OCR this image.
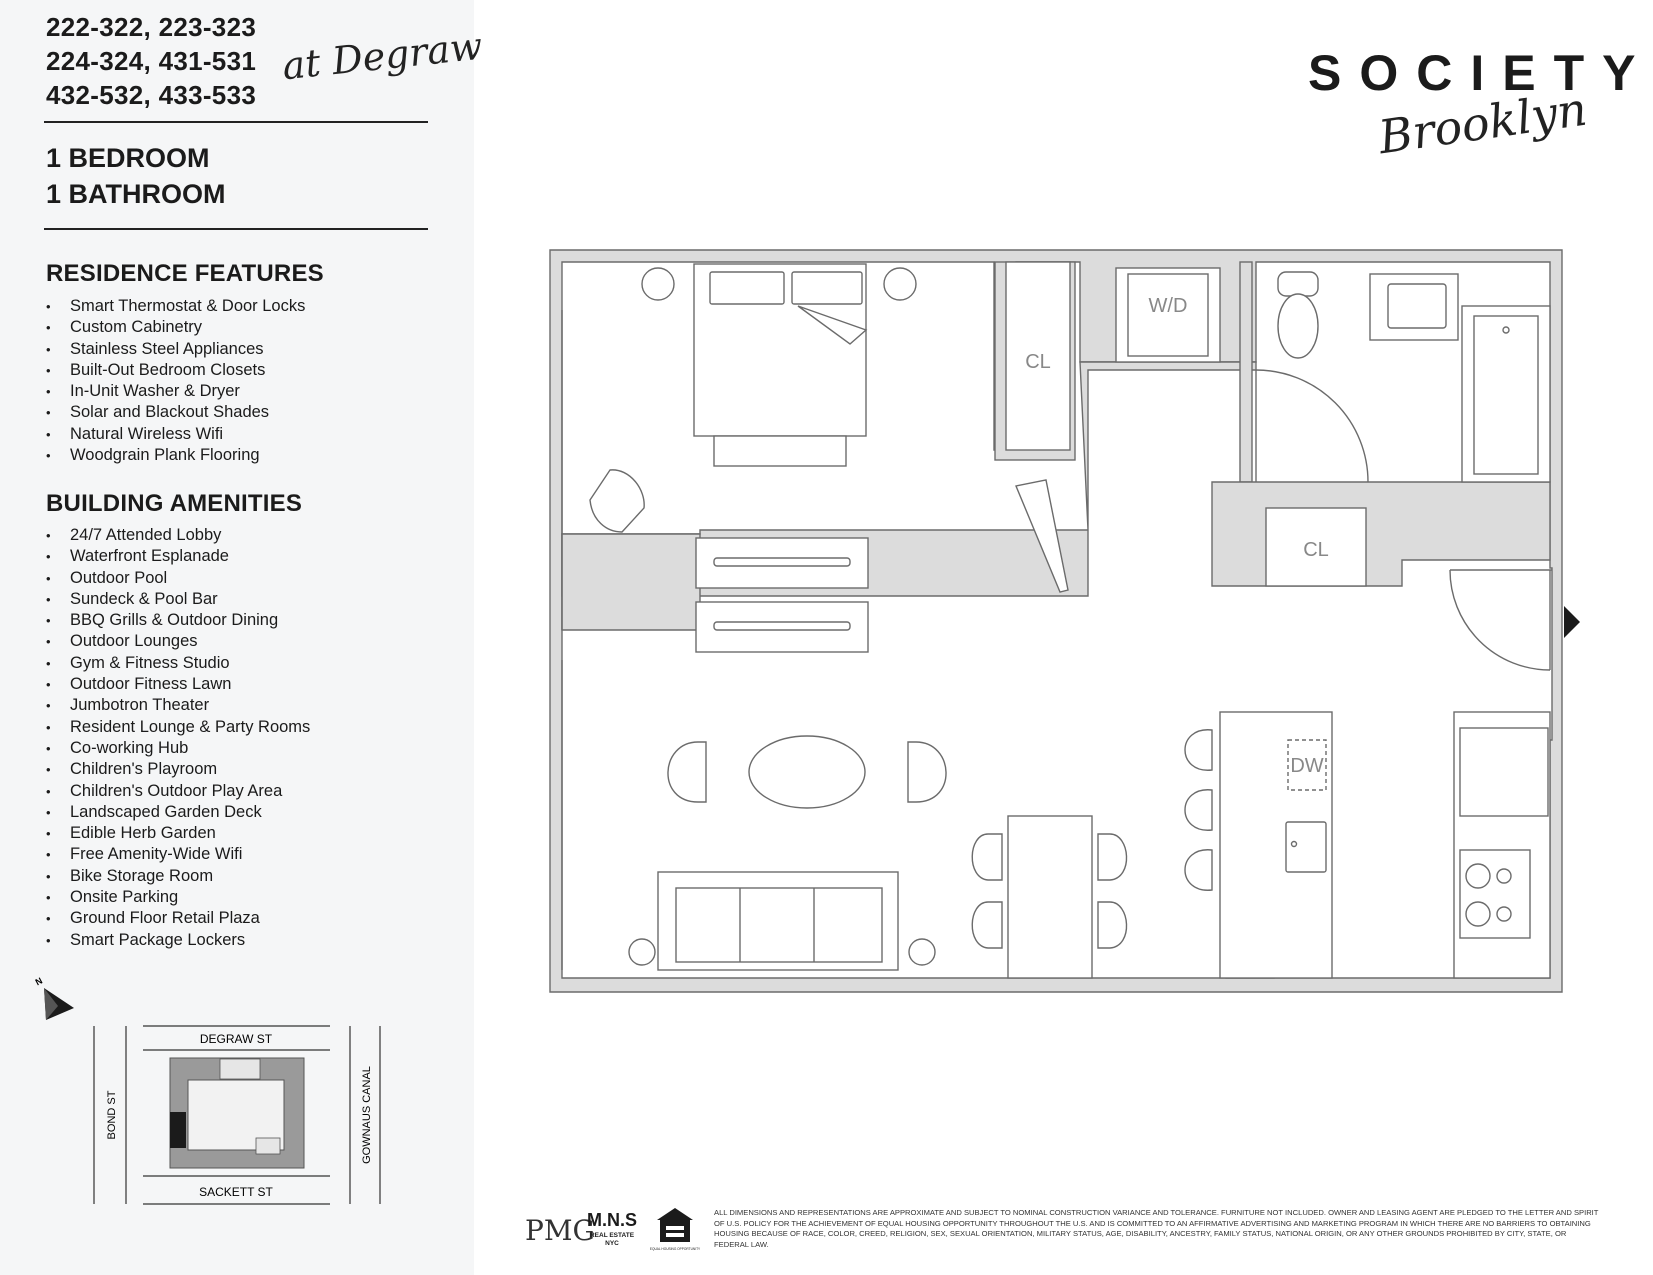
222-322, 223-323
224-324, 431-531
432-532, 433-533
at Degraw
1 BEDROOM
1 BATHROOM
RESIDENCE FEATURES
• Smart Thermostat & Door Locks
• Custom Cabinetry
• Stainless Steel Appliances
• Built-Out Bedroom Closets
• In-Unit Washer & Dryer
• Solar and Blackout Shades
• Natural Wireless Wifi
• Woodgrain Plank Flooring
BUILDING AMENITIES
• 24/7 Attended Lobby
• Waterfront Esplanade
• Outdoor Pool
• Sundeck & Pool Bar
• BBQ Grills & Outdoor Dining
• Outdoor Lounges
• Gym & Fitness Studio
• Outdoor Fitness Lawn
• Jumbotron Theater
• Resident Lounge & Party Rooms
• Co-working Hub
• Children's Playroom
• Children's Outdoor Play Area
• Landscaped Garden Deck
• Edible Herb Garden
• Free Amenity-Wide Wifi
• Bike Storage Room
• Onsite Parking
• Ground Floor Retail Plaza
• Smart Package Lockers
N
DEGRAW ST
SACKETT ST
BOND ST	GOWNAUS CANAL
SOCIETY
Brooklyn
CL
CL
W/D
DW
PMG
M.N.S
REAL ESTATE
NYC
EQUAL HOUSING OPPORTUNITY
ALL DIMENSIONS AND REPRESENTATIONS ARE APPROXIMATE AND SUBJECT TO NOMINAL CONSTRUCTION VARIANCE AND TOLERANCE. FURNITURE NOT INCLUDED. OWNER AND LEASING AGENT ARE PLEDGED TO THE LETTER AND SPIRIT OF U.S. POLICY FOR THE ACHIEVEMENT OF EQUAL HOUSING OPPORTUNITY THROUGHOUT THE U.S. AND IS COMMITTED TO AN AFFIRMATIVE ADVERTISING AND MARKETING PROGRAM IN WHICH THERE ARE NO BARRIERS TO OBTAINING HOUSING BECAUSE OF RACE, COLOR, CREED, RELIGION, SEX, SEXUAL ORIENTATION, MILITARY STATUS, AGE, DISABILITY, ANCESTRY, FAMILY STATUS, NATIONAL ORIGIN, OR ANY OTHER GROUNDS PROHIBITED BY CITY, STATE, OR FEDERAL LAW.
